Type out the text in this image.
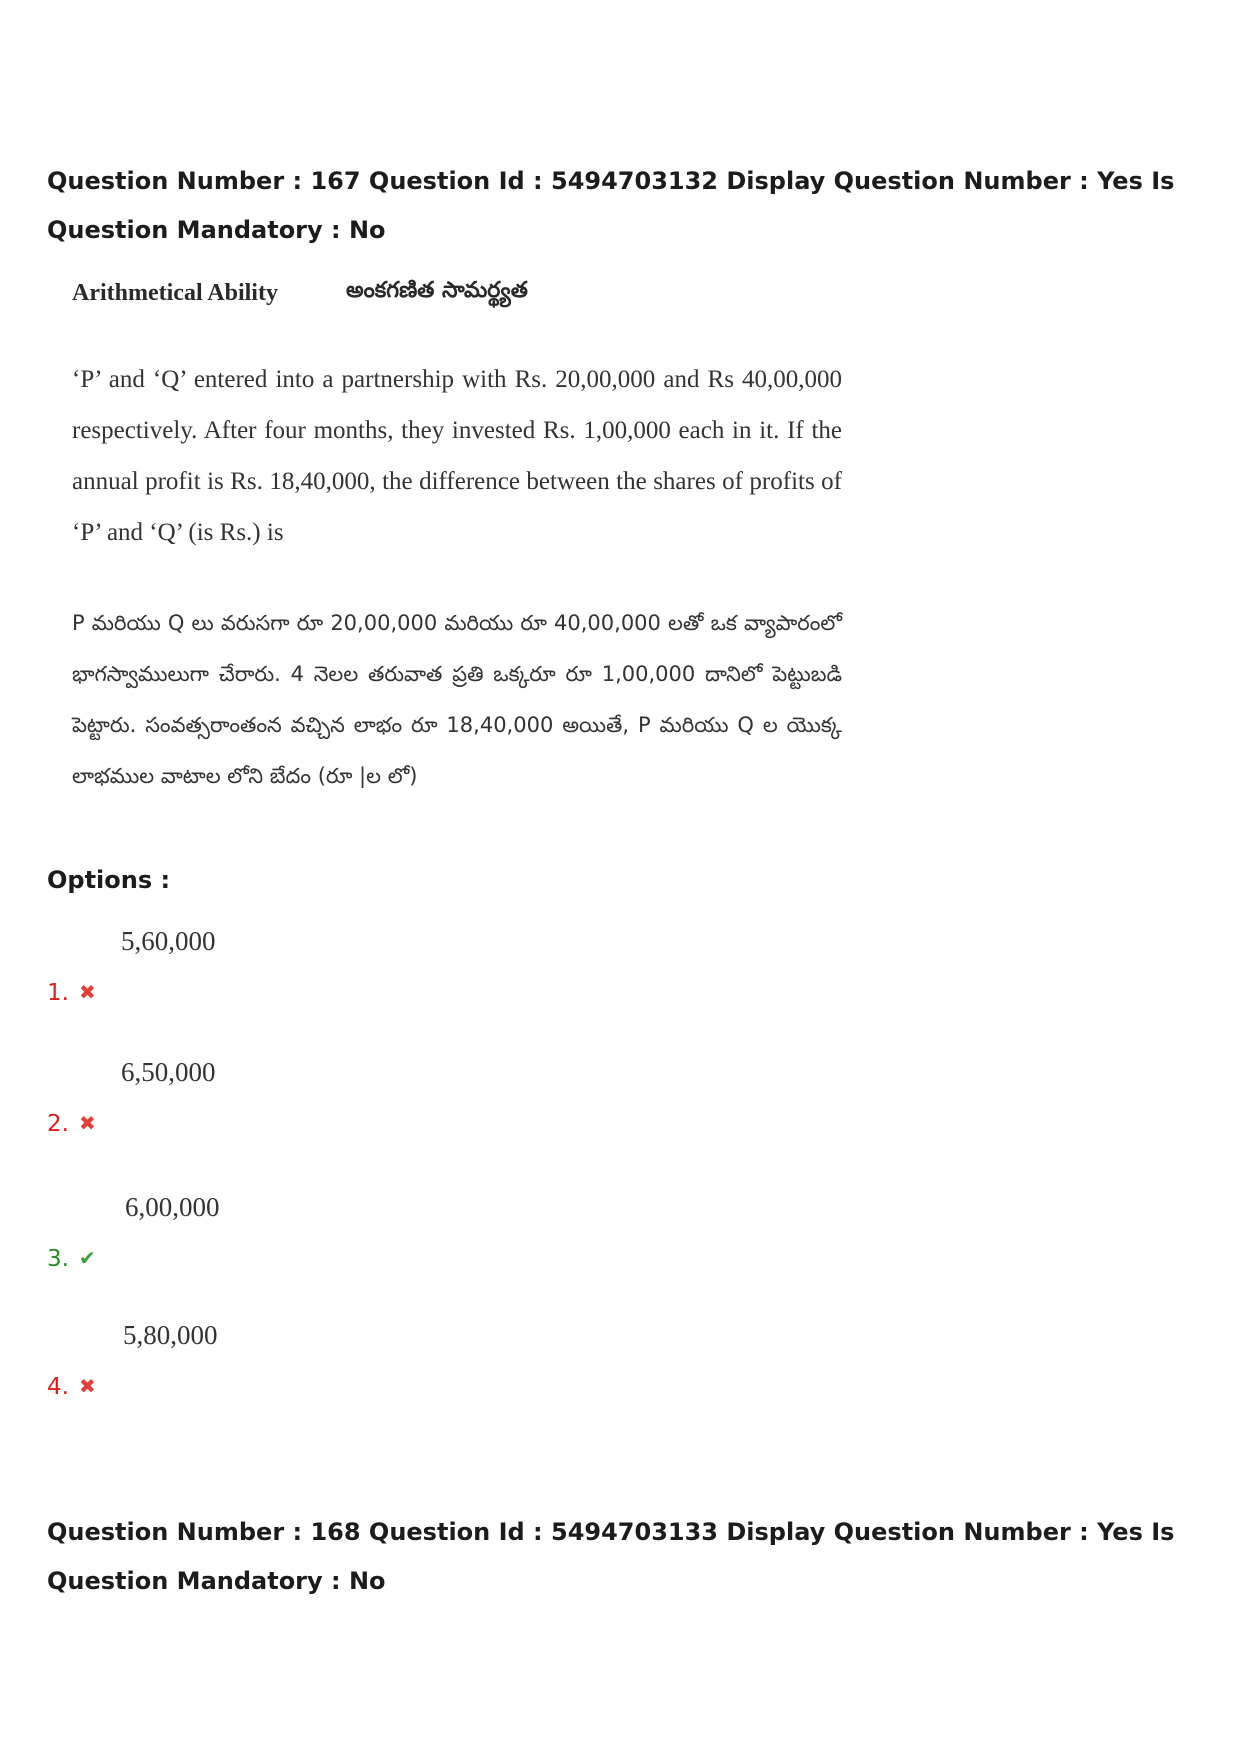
Question Number : 167 Question Id : 5494703132 Display Question Number : Yes Is Question Mandatory : No

Arithmetical Ability	అంకగణిత సామర్థ్యత

‘P’ and ‘Q’ entered into a partnership with Rs. 20,00,000 and Rs 40,00,000 respectively. After four months, they invested Rs. 1,00,000 each in it. If the annual profit is Rs. 18,40,000, the difference between the shares of profits of ‘P’ and ‘Q’ (is Rs.) is

P మరియు Q లు వరుసగా రూ 20,00,000 మరియు రూ 40,00,000 లతో ఒక వ్యాపారంలో భాగస్వాములుగా చేరారు. 4 నెలల తరువాత ప్రతి ఒక్కరూ రూ 1,00,000 దానిలో పెట్టుబడి పెట్టారు. సంవత్సరాంతంన వచ్చిన లాభం రూ 18,40,000 అయితే, P మరియు Q ల యొక్క లాభముల వాటాల లోని బేదం (రూ |ల లో)

Options :
1. ✖
5,60,000
2. ✖
6,50,000
3. ✔
6,00,000
4. ✖
5,80,000

Question Number : 168 Question Id : 5494703133 Display Question Number : Yes Is Question Mandatory : No
